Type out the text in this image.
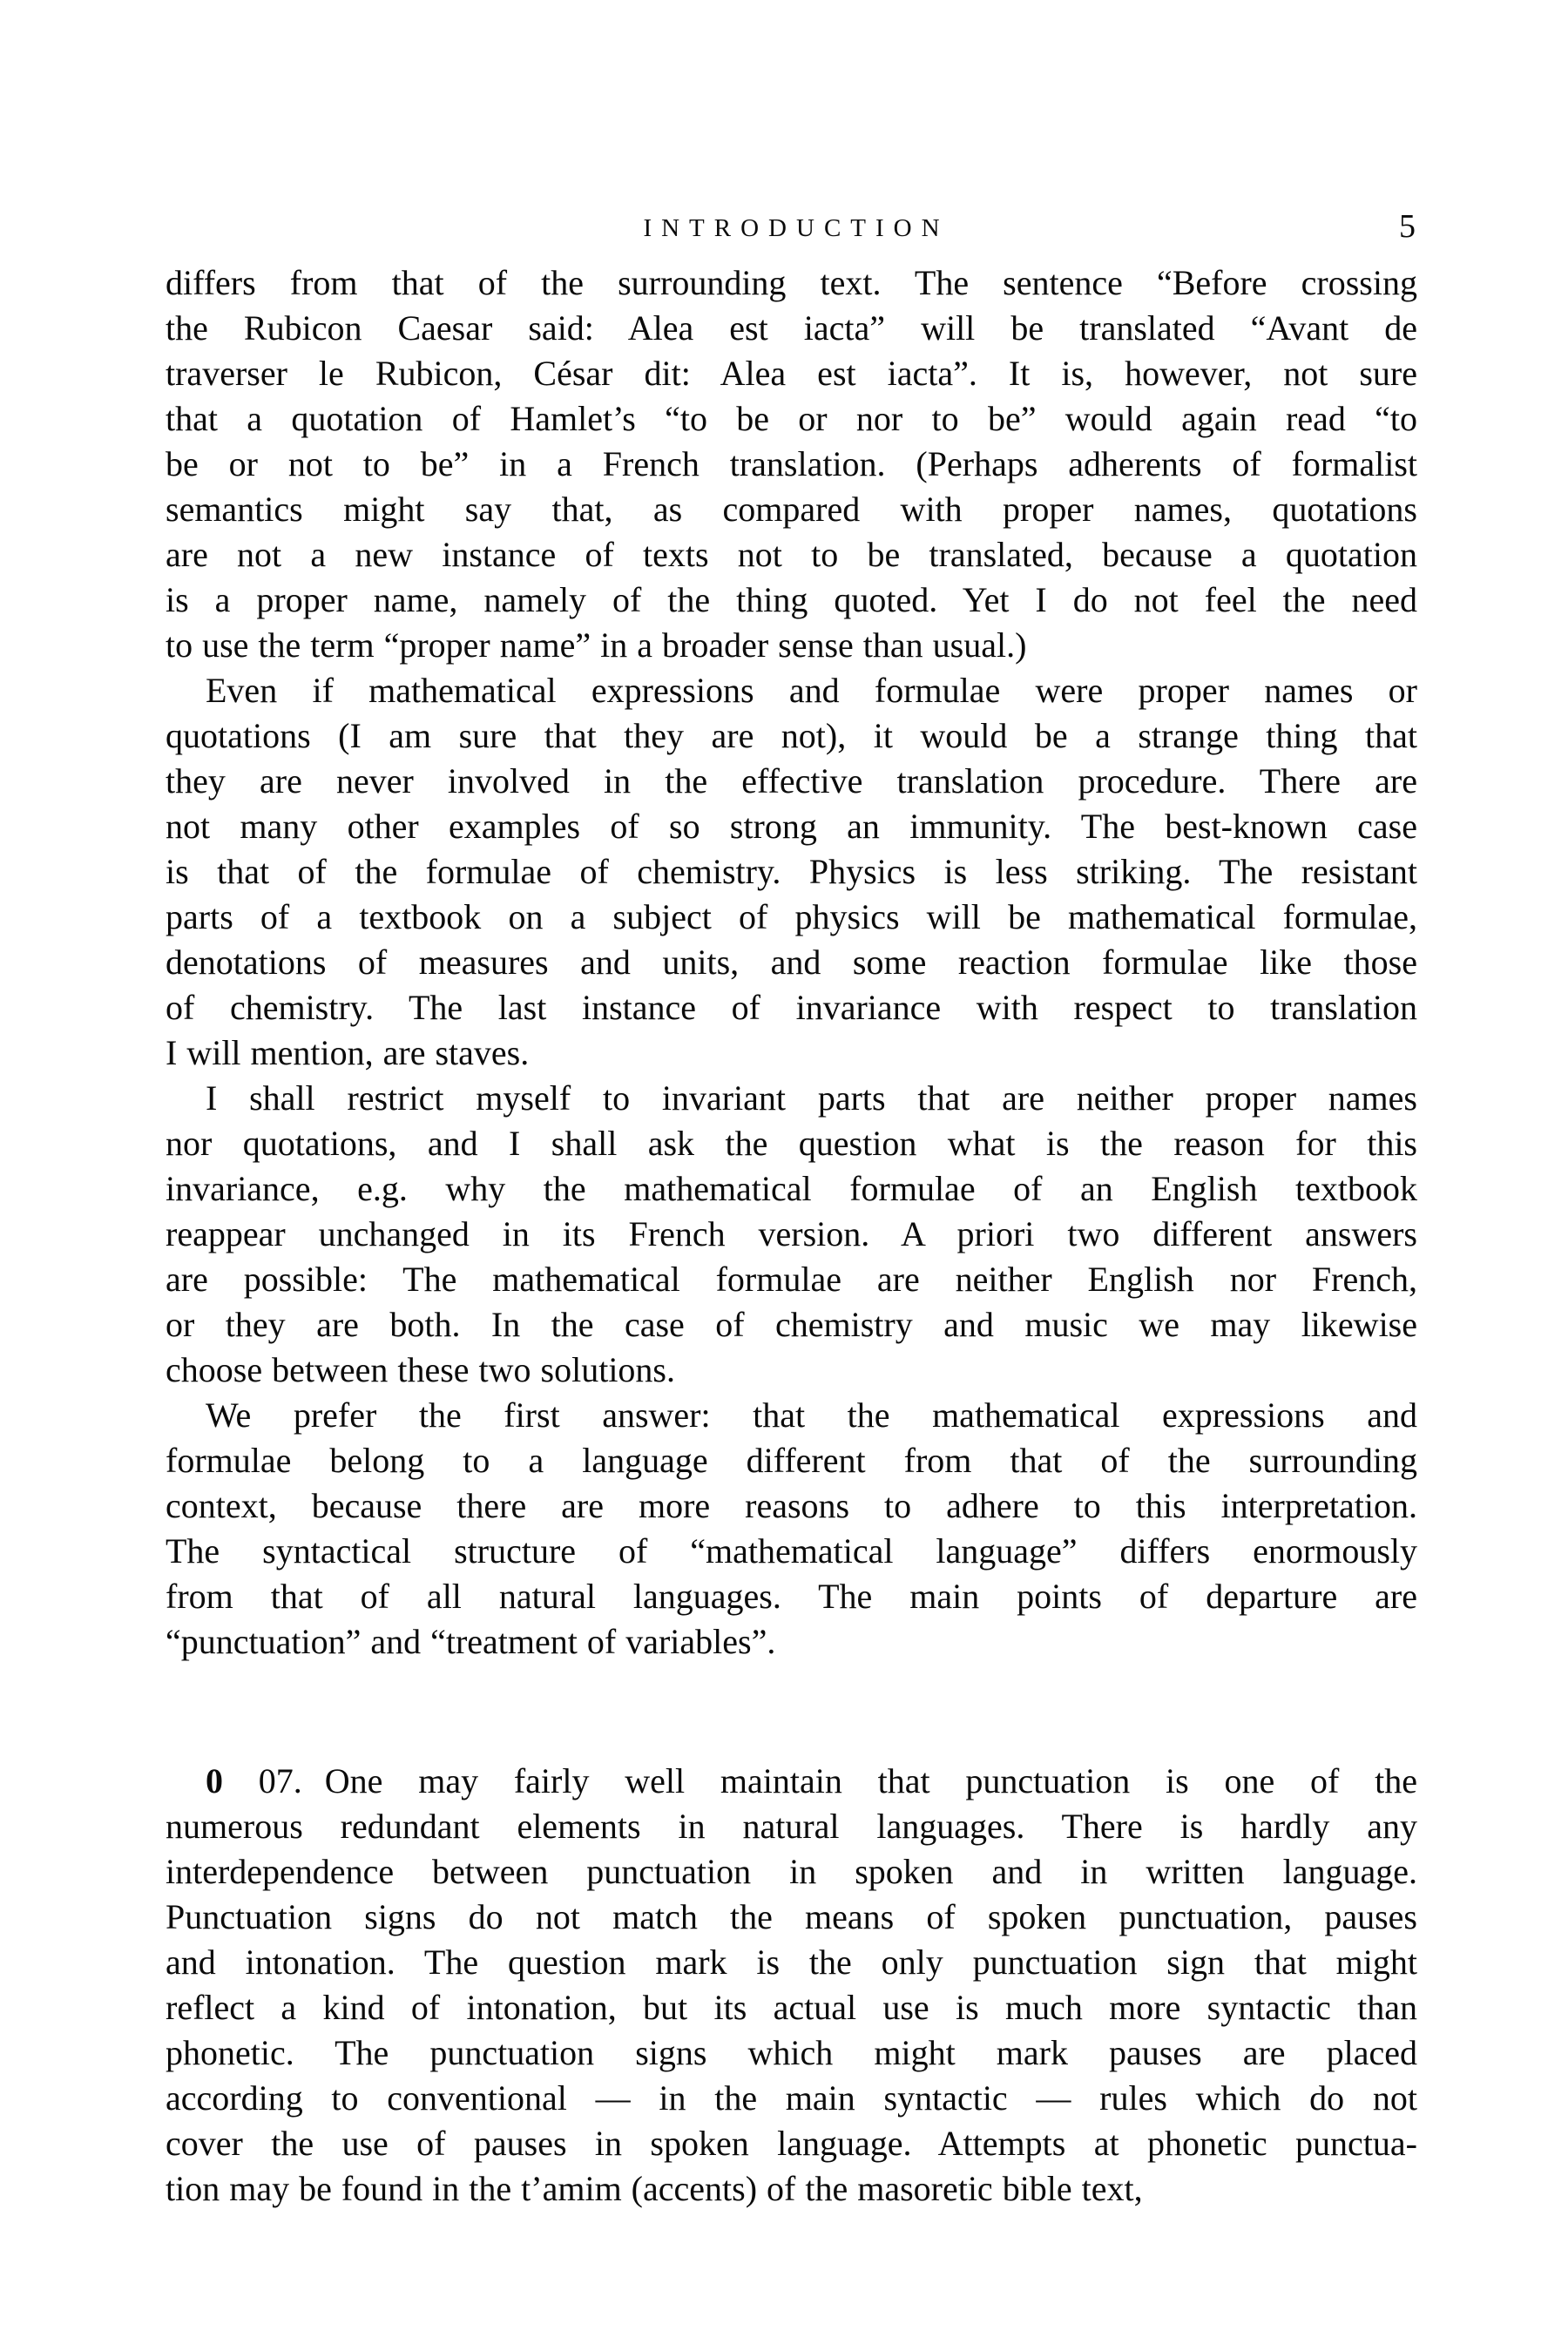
INTRODUCTION	5
differs from that of the surrounding text. The sentence “Before crossing
the Rubicon Caesar said: Alea est iacta” will be translated “Avant de
traverser le Rubicon, César dit: Alea est iacta”. It is, however, not sure
that a quotation of Hamlet’s “to be or nor to be” would again read “to
be or not to be” in a French translation. (Perhaps adherents of formalist
semantics might say that, as compared with proper names, quotations
are not a new instance of texts not to be translated, because a quotation
is a proper name, namely of the thing quoted. Yet I do not feel the need
to use the term “proper name” in a broader sense than usual.)
Even if mathematical expressions and formulae were proper names or
quotations (I am sure that they are not), it would be a strange thing that
they are never involved in the effective translation procedure. There are
not many other examples of so strong an immunity. The best-known case
is that of the formulae of chemistry. Physics is less striking. The resistant
parts of a textbook on a subject of physics will be mathematical formulae,
denotations of measures and units, and some reaction formulae like those
of chemistry. The last instance of invariance with respect to translation
I will mention, are staves.
I shall restrict myself to invariant parts that are neither proper names
nor quotations, and I shall ask the question what is the reason for this
invariance, e.g. why the mathematical formulae of an English textbook
reappear unchanged in its French version. A priori two different answers
are possible: The mathematical formulae are neither English nor French,
or they are both. In the case of chemistry and music we may likewise
choose between these two solutions.
We prefer the first answer: that the mathematical expressions and
formulae belong to a language different from that of the surrounding
context, because there are more reasons to adhere to this interpretation.
The syntactical structure of “mathematical language” differs enormously
from that of all natural languages. The main points of departure are
“punctuation” and “treatment of variables”.
0 07. One may fairly well maintain that punctuation is one of the
numerous redundant elements in natural languages. There is hardly any
interdependence between punctuation in spoken and in written language.
Punctuation signs do not match the means of spoken punctuation, pauses
and intonation. The question mark is the only punctuation sign that might
reflect a kind of intonation, but its actual use is much more syntactic than
phonetic. The punctuation signs which might mark pauses are placed
according to conventional — in the main syntactic — rules which do not
cover the use of pauses in spoken language. Attempts at phonetic punctua-
tion may be found in the t’amim (accents) of the masoretic bible text,
